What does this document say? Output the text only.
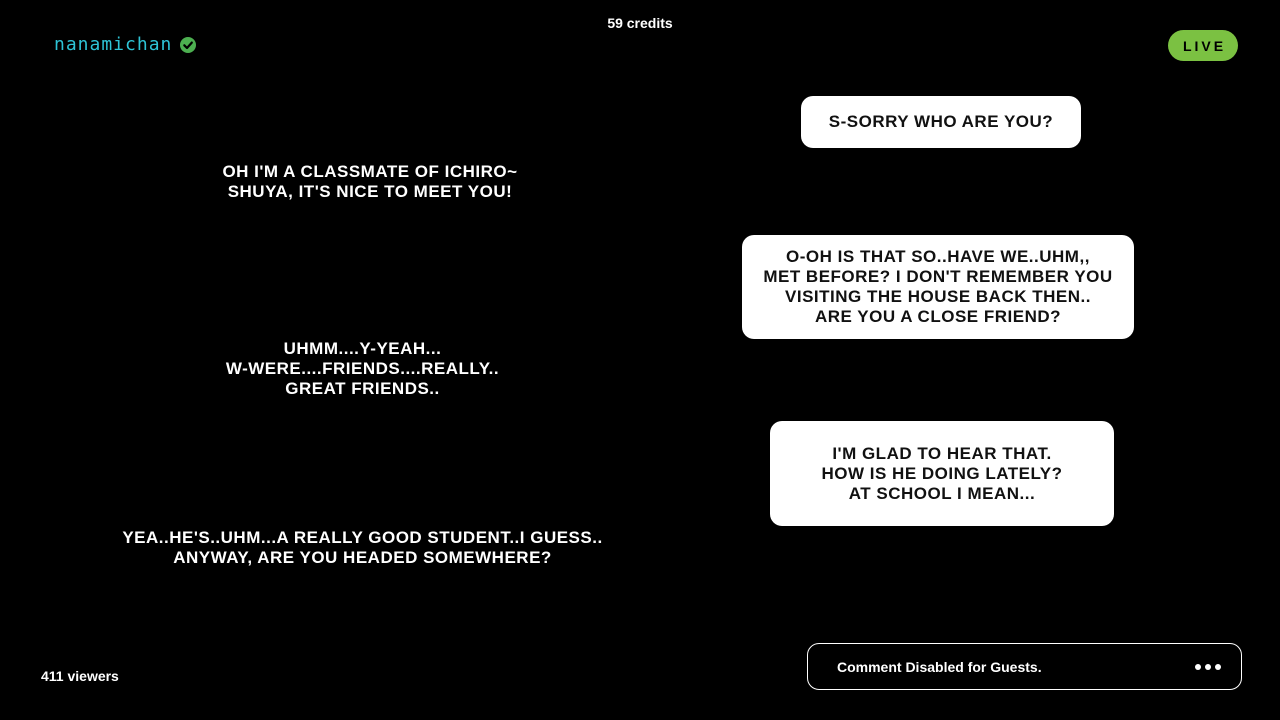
nanamichan
59 credits
LIVE
OH I'M A CLASSMATE OF ICHIRO~
SHUYA, IT'S NICE TO MEET YOU!
UHMM....Y-YEAH...
W-WERE....FRIENDS....REALLY..
GREAT FRIENDS..
YEA..HE'S..UHM...A REALLY GOOD STUDENT..I GUESS..
ANYWAY, ARE YOU HEADED SOMEWHERE?
S-SORRY WHO ARE YOU?
O-OH IS THAT SO..HAVE WE..UHM,,
MET BEFORE? I DON'T REMEMBER YOU
VISITING THE HOUSE BACK THEN..
ARE YOU A CLOSE FRIEND?
I'M GLAD TO HEAR THAT.
HOW IS HE DOING LATELY?
AT SCHOOL I MEAN...
411 viewers
Comment Disabled for Guests.
